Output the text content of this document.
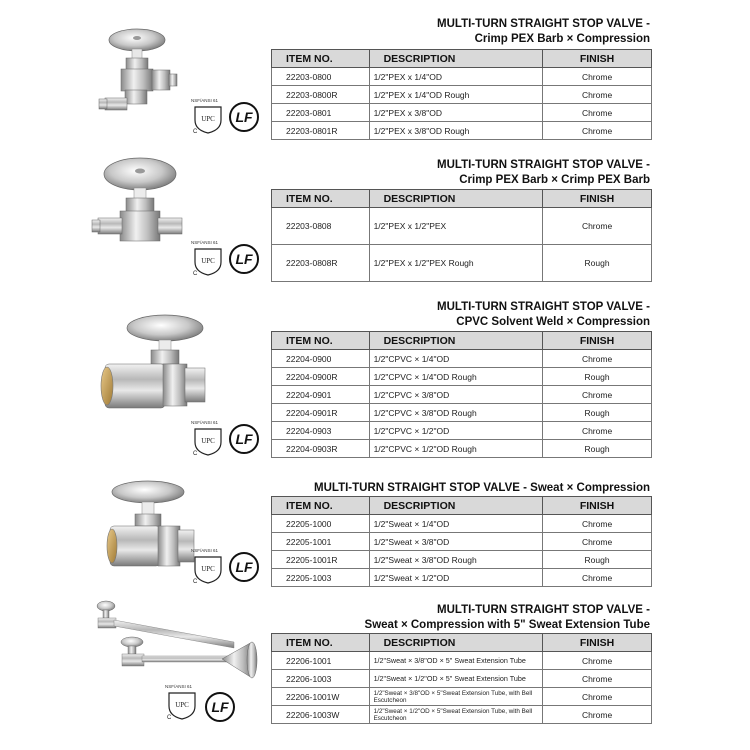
MULTI-TURN STRAIGHT STOP VALVE -
Crimp PEX Barb × Compression
NSF/ANSI 61
UPC
C
LF
ITEM NO.	DESCRIPTION	FINISH
22203-0800	1/2"PEX x 1/4"OD	Chrome
22203-0800R	1/2"PEX x 1/4"OD Rough	Chrome
22203-0801	1/2"PEX x 3/8"OD	Chrome
22203-0801R	1/2"PEX x 3/8"OD Rough	Chrome
MULTI-TURN STRAIGHT STOP VALVE -
Crimp PEX Barb × Crimp PEX Barb
NSF/ANSI 61
UPC
C
LF
ITEM NO.	DESCRIPTION	FINISH
22203-0808	1/2"PEX x 1/2"PEX	Chrome
22203-0808R	1/2"PEX x 1/2"PEX Rough	Rough
MULTI-TURN STRAIGHT STOP VALVE -
CPVC Solvent Weld × Compression
NSF/ANSI 61
UPC
C
LF
ITEM NO.	DESCRIPTION	FINISH
22204-0900	1/2"CPVC × 1/4"OD	Chrome
22204-0900R	1/2"CPVC × 1/4"OD Rough	Rough
22204-0901	1/2"CPVC × 3/8"OD	Chrome
22204-0901R	1/2"CPVC × 3/8"OD Rough	Rough
22204-0903	1/2"CPVC × 1/2"OD	Chrome
22204-0903R	1/2"CPVC × 1/2"OD Rough	Rough
MULTI-TURN STRAIGHT STOP VALVE - Sweat × Compression
NSF/ANSI 61
UPC
C
LF
ITEM NO.	DESCRIPTION	FINISH
22205-1000	1/2"Sweat × 1/4"OD	Chrome
22205-1001	1/2"Sweat × 3/8"OD	Chrome
22205-1001R	1/2"Sweat × 3/8"OD Rough	Rough
22205-1003	1/2"Sweat × 1/2"OD	Chrome
MULTI-TURN STRAIGHT STOP VALVE -
Sweat × Compression with 5" Sweat Extension Tube
NSF/ANSI 61
UPC
C
LF
ITEM NO.	DESCRIPTION	FINISH
22206-1001	1/2"Sweat × 3/8"OD × 5" Sweat Extension Tube	Chrome
22206-1003	1/2"Sweat × 1/2"OD × 5" Sweat Extension Tube	Chrome
22206-1001W	1/2"Sweat × 3/8"OD × 5"Sweat Extension Tube, with Bell Escutcheon	Chrome
22206-1003W	1/2"Sweat × 1/2"OD × 5"Sweat Extension Tube, with Bell Escutcheon	Chrome
